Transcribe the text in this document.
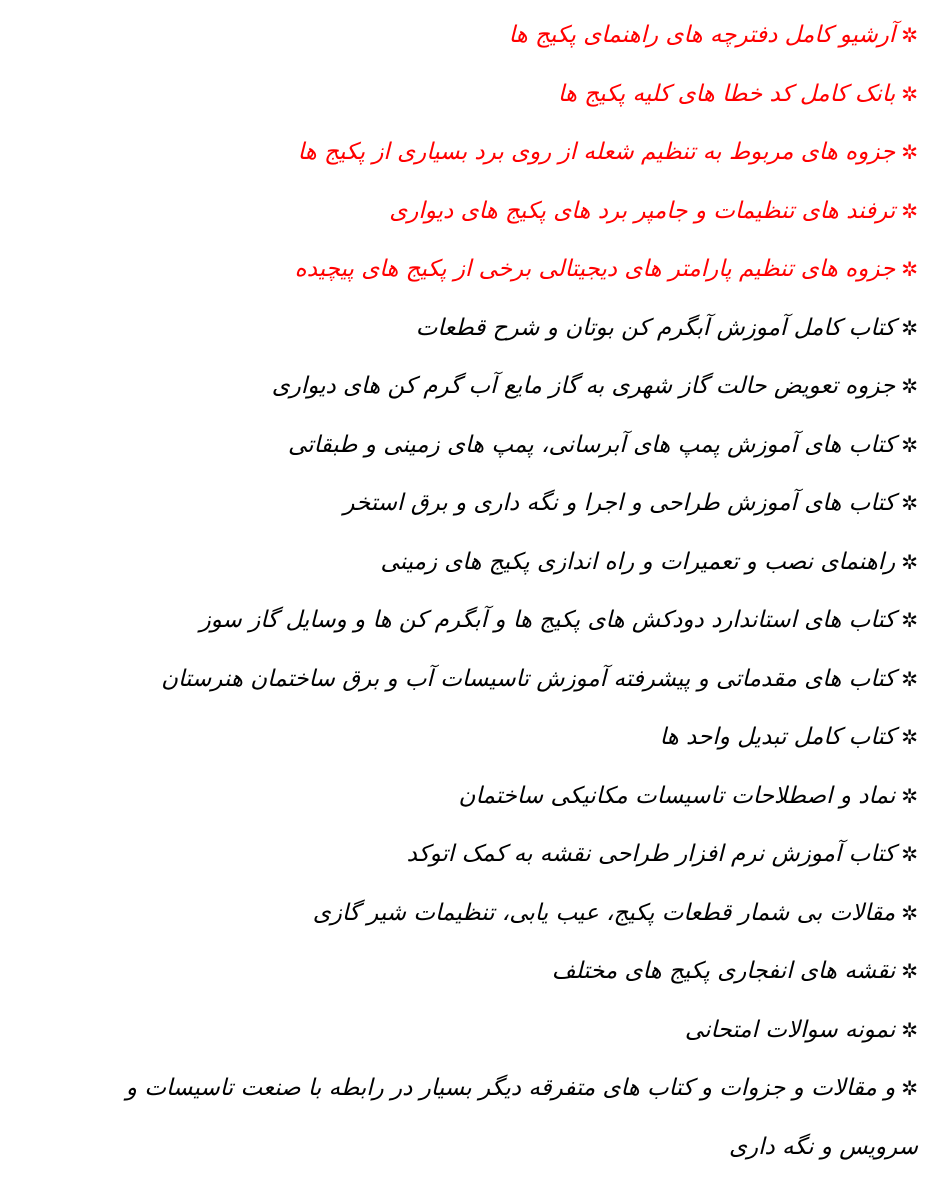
✲آرشیو کامل دفترچه های راهنمای پکیج ها
✲بانک کامل کد خطا های کلیه پکیج ها
✲جزوه های مربوط به تنظیم شعله از روی برد بسیاری از پکیج ها
✲ترفند های تنظیمات و جامپر برد های پکیج های دیواری
✲جزوه های تنظیم پارامتر های دیجیتالی برخی از پکیج های پیچیده
✲کتاب کامل آموزش آبگرم کن بوتان و شرح قطعات
✲جزوه تعویض حالت گاز شهری به گاز مایع آب گرم کن های دیواری
✲کتاب های آموزش پمپ های آبرسانی، پمپ های زمینی و طبقاتی
✲کتاب های آموزش طراحی و اجرا و نگه داری و برق استخر
✲راهنمای نصب و تعمیرات و راه اندازی پکیج های زمینی
✲کتاب های استاندارد دودکش های پکیج ها و آبگرم کن ها و وسایل گاز سوز
✲کتاب های مقدماتی و پیشرفته آموزش تاسیسات آب و برق ساختمان هنرستان
✲کتاب کامل تبدیل واحد ها
✲نماد و اصطلاحات تاسیسات مکانیکی ساختمان
✲کتاب آموزش نرم افزار طراحی نقشه به کمک اتوکد
✲مقالات بی شمار قطعات پکیج، عیب یابی، تنظیمات شیر گازی
✲نقشه های انفجاری پکیج های مختلف
✲نمونه سوالات امتحانی
✲و مقالات و جزوات و کتاب های متفرقه دیگر بسیار در رابطه با صنعت تاسیسات و سرویس و نگه داری
